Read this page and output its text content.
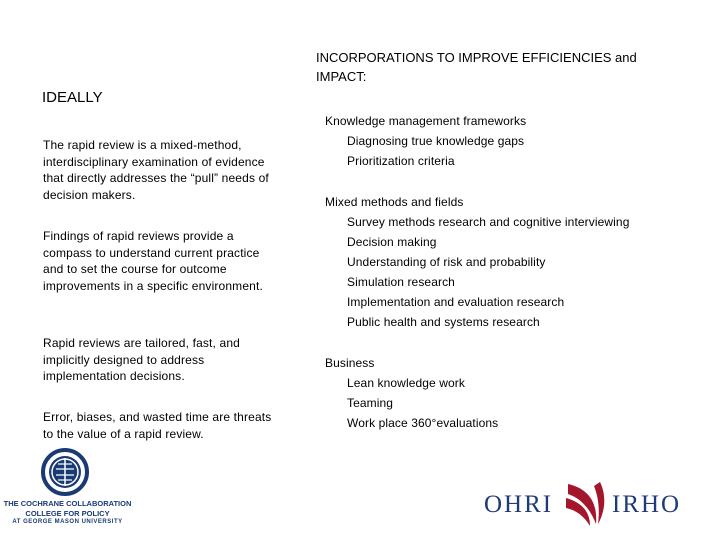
IDEALLY
The rapid review is a mixed-method, interdisciplinary examination of evidence that directly addresses the “pull” needs of decision makers.
Findings of rapid reviews provide a compass to understand current practice and to set the course for outcome improvements in a specific environment.
Rapid reviews are tailored, fast, and implicitly designed to address implementation decisions.
Error, biases, and wasted time are threats to the value of a rapid review.
INCORPORATIONS TO IMPROVE EFFICIENCIES and IMPACT:
Knowledge management frameworks
Diagnosing true knowledge gaps
Prioritization criteria
Mixed methods and fields
Survey methods research and cognitive interviewing
Decision making
Understanding of risk and probability
Simulation research
Implementation and evaluation research
Public health and systems research
Business
Lean knowledge work
Teaming
Work place 360°evaluations
THE COCHRANE COLLABORATION
COLLEGE FOR POLICY
AT GEORGE MASON UNIVERSITY
OHRI IRHO
